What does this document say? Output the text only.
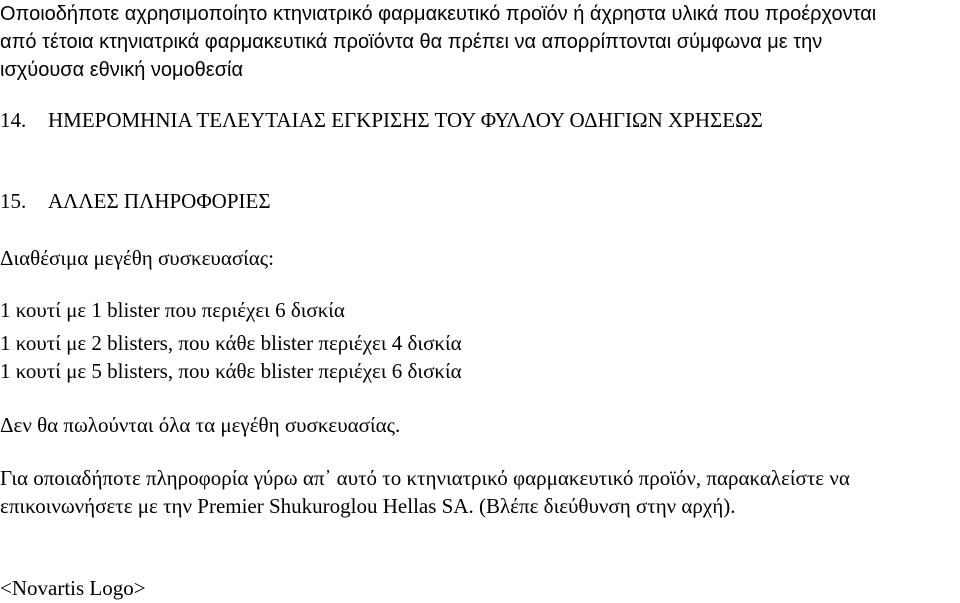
Οποιοδήποτε αχρησιμοποίητο κτηνιατρικό φαρμακευτικό προϊόν ή άχρηστα υλικά που προέρχονται
από τέτοια κτηνιατρικά φαρμακευτικά προϊόντα θα πρέπει να απορρίπτονται σύμφωνα με την
ισχύουσα εθνική νομοθεσία
14. ΗΜΕΡΟΜΗΝΙΑ ΤΕΛΕΥΤΑΙΑΣ ΕΓΚΡΙΣΗΣ ΤΟΥ ΦΥΛΛΟΥ ΟΔΗΓΙΩΝ ΧΡΗΣΕΩΣ
15. ΑΛΛΕΣ ΠΛΗΡΟΦΟΡΙΕΣ
Διαθέσιμα μεγέθη συσκευασίας:
1 κουτί με 1 blister που περιέχει 6 δισκία
1 κουτί με 2 blisters, που κάθε blister περιέχει 4 δισκία
1 κουτί με 5 blisters, που κάθε blister περιέχει 6 δισκία
Δεν θα πωλούνται όλα τα μεγέθη συσκευασίας.
Για οποιαδήποτε πληροφορία γύρω απ᾽ αυτό το κτηνιατρικό φαρμακευτικό προϊόν, παρακαλείστε να
επικοινωνήσετε με την Premier Shukuroglou Hellas SA. (Βλέπε διεύθυνση στην αρχή).
<Novartis Logo>
